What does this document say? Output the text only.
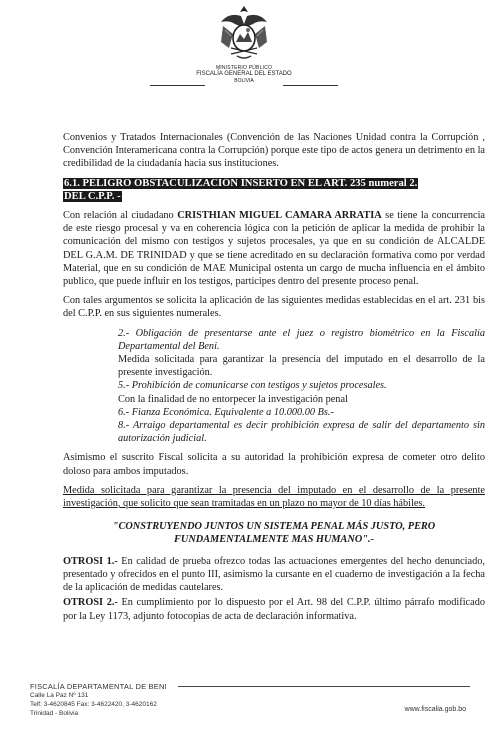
MINISTERIO PÚBLICO
FISCALÍA GENERAL DEL ESTADO
BOLIVIA

Convenios y Tratados Internacionales (Convención de las Naciones Unidad contra la Corrupción , Convención Interamericana contra la Corrupción) porque este tipo de actos genera un detrimento en la credibilidad de la ciudadanía hacia sus instituciones.

6.1. PELIGRO OBSTACULIZACIÓN INSERTO EN EL ART. 235 numeral 2.
DEL C.P.P. -

Con relación al ciudadano CRISTHIAN MIGUEL CAMARA ARRATIA se tiene la concurrencia de este riesgo procesal y va en coherencia lógica con la petición de aplicar la medida de prohibir la comunicación del mismo con testigos y sujetos procesales, ya que en su condición de ALCALDE DEL G.A.M. DE TRINIDAD y que se tiene acreditado en su declaración formativa como por verdad Material, que en su condición de MAE Municipal ostenta un cargo de mucha influencia en el ámbito publico, que puede influir en los testigos, participes dentro del presente proceso penal.

Con tales argumentos se solicita la aplicación de las siguientes medidas establecidas en el art. 231 bis del C.P.P. en sus siguientes numerales.

2.- Obligación de presentarse ante el juez o registro biométrico en la Fiscalía Departamental del Beni.
Medida solicitada para garantizar la presencia del imputado en el desarrollo de la presente investigación.
5.- Prohibición de comunicarse con testigos y sujetos procesales.
Con la finalidad de no entorpecer la investigación penal
6.- Fianza Económica. Equivalente a 10.000.00 Bs.-
8.- Arraigo departamental es decir prohibición expresa de salir del departamento sin autorización judicial.

Asimismo el suscrito Fiscal solicita a su autoridad la prohibición expresa de cometer otro delito doloso para ambos imputados.

Medida solicitada para garantizar la presencia del imputado en el desarrollo de la presente investigación, que solicito que sean tramitadas en un plazo no mayor de 10 días hábiles.

"CONSTRUYENDO JUNTOS UN SISTEMA PENAL MÁS JUSTO, PERO FUNDAMENTALMENTE MAS HUMANO".-

OTROSI 1.- En calidad de prueba ofrezco todas las actuaciones emergentes del hecho denunciado, presentado y ofrecidos en el punto III, asimismo la cursante en el cuaderno de investigación a la fecha de la aplicación de medidas cautelares.

OTROSI 2.- En cumplimiento por lo dispuesto por el Art. 98 del C.P.P. último párrafo modificado por la Ley 1173, adjunto fotocopias de acta de declaración informativa.

FISCALÍA DEPARTAMENTAL DE BENI
Calle La Paz Nº 131
Telf: 3-4620845 Fax: 3-4622420, 3-4620162
Trinidad - Bolivia
www.fiscalia.gob.bo
